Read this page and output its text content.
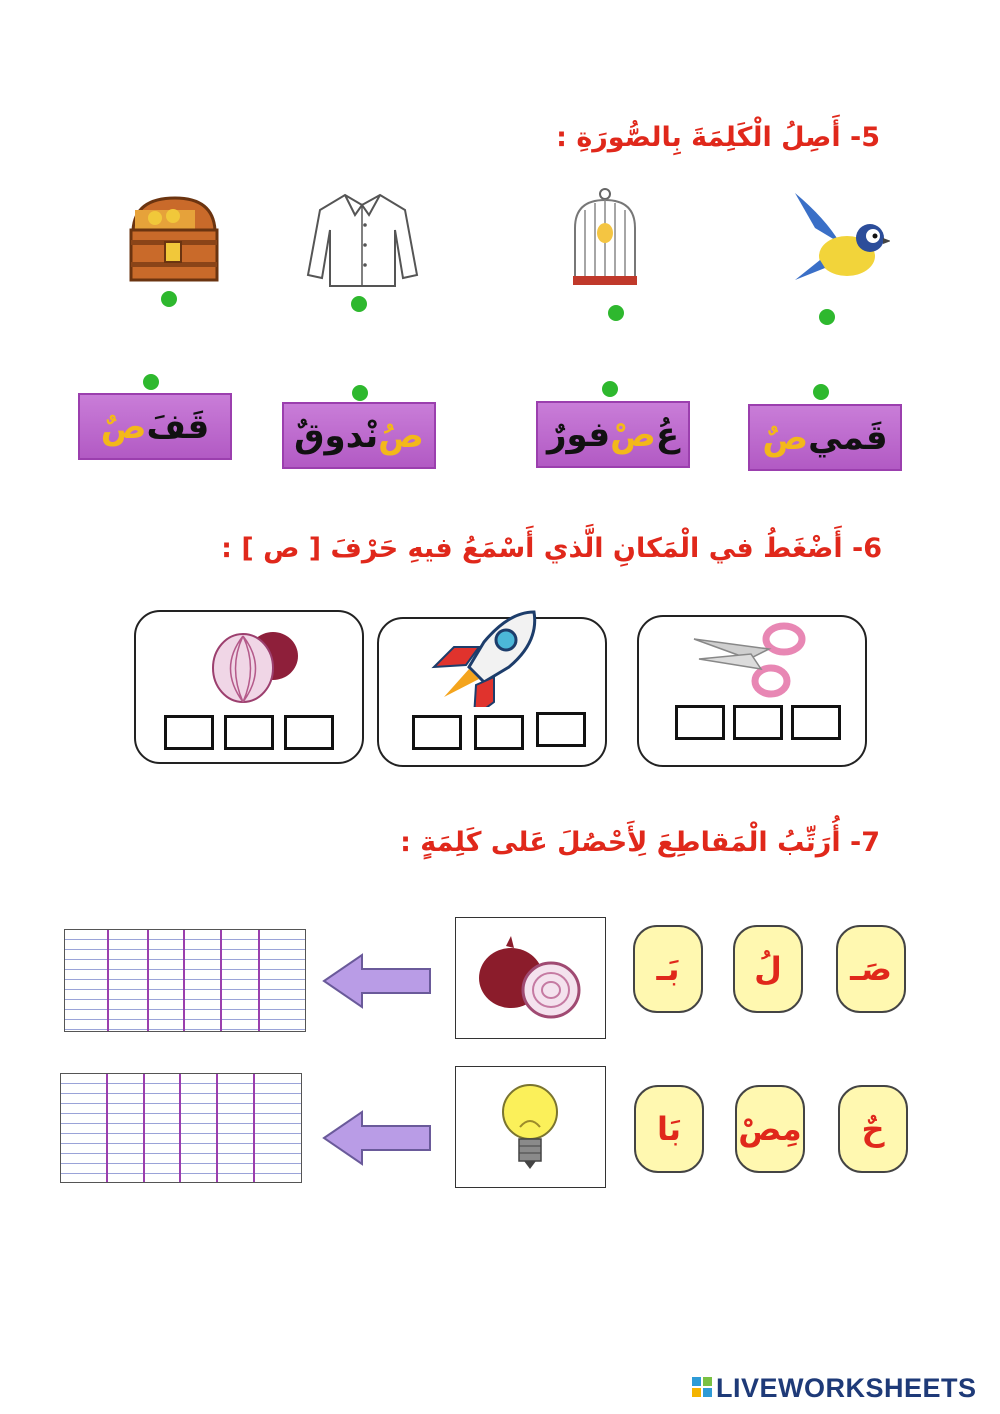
5- أَصِلُ الْكَلِمَةَ بِالصُّورَةِ :
قَفَ
صٌ	صُ
نْدوقٌ	عُ
صْ
فورٌ	قَمي
صٌ
6- أَضْغَطُ في الْمَكانِ الَّذي أَسْمَعُ فيهِ حَرْفَ [ ص ] :
7- أُرَتِّبُ الْمَقاطِعَ لِأَحْصُلَ عَلى كَلِمَةٍ :
بَـ لُ صَـ
بَا مِصْ حٌ
LIVEWORKSHEETS
